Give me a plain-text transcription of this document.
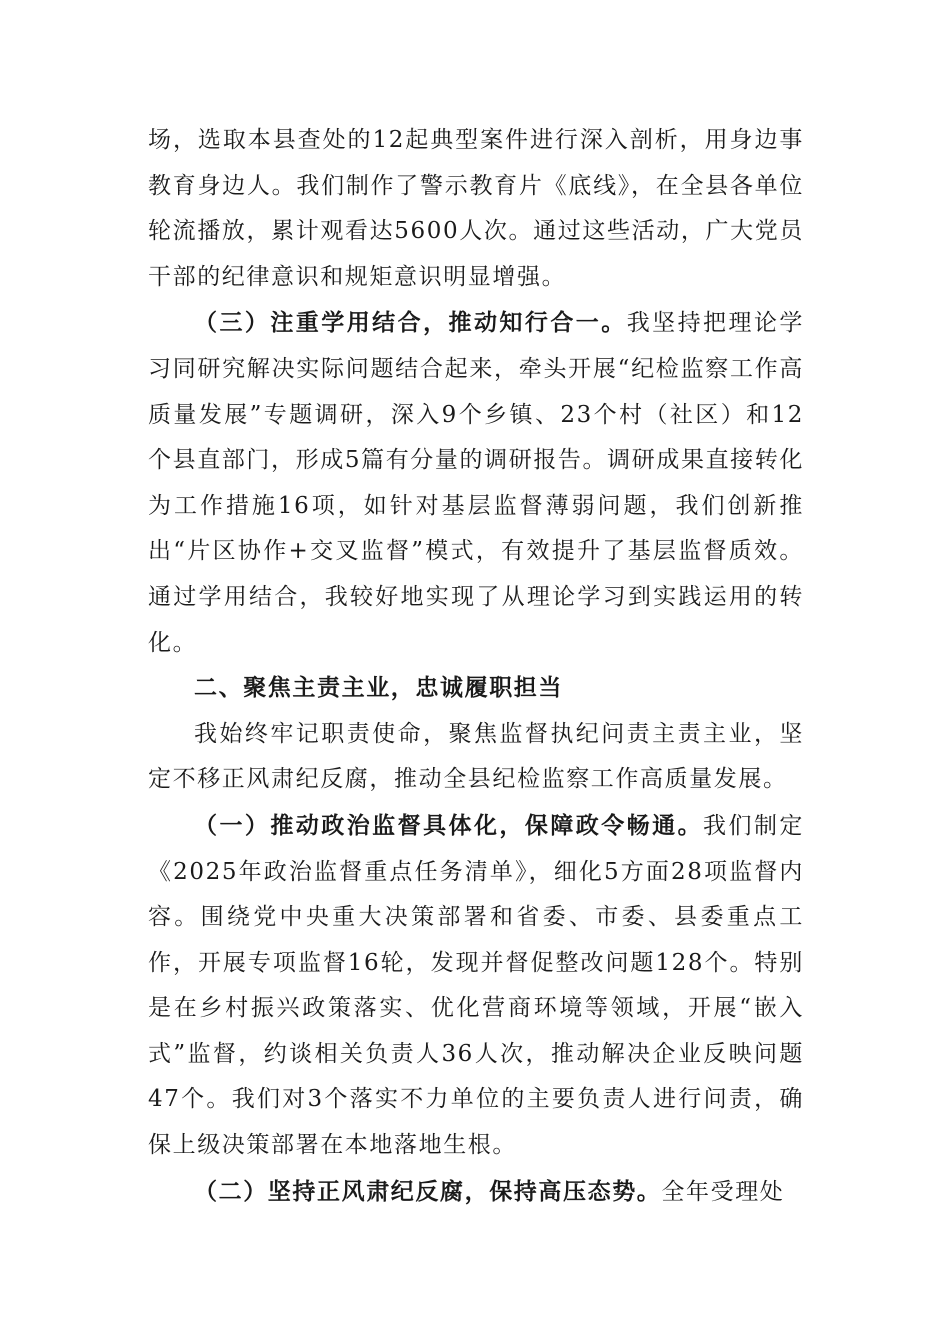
场，选取本县查处的12起典型案件进行深入剖析，用身边事教育身边人。我们制作了警示教育片《底线》，在全县各单位轮流播放，累计观看达5600人次。通过这些活动，广大党员干部的纪律意识和规矩意识明显增强。

（三）注重学用结合，推动知行合一。我坚持把理论学习同研究解决实际问题结合起来，牵头开展“纪检监察工作高质量发展”专题调研，深入9个乡镇、23个村（社区）和12个县直部门，形成5篇有分量的调研报告。调研成果直接转化为工作措施16项，如针对基层监督薄弱问题，我们创新推出“片区协作+交叉监督”模式，有效提升了基层监督质效。通过学用结合，我较好地实现了从理论学习到实践运用的转化。

二、聚焦主责主业，忠诚履职担当

我始终牢记职责使命，聚焦监督执纪问责主责主业，坚定不移正风肃纪反腐，推动全县纪检监察工作高质量发展。

（一）推动政治监督具体化，保障政令畅通。我们制定《2025年政治监督重点任务清单》，细化5方面28项监督内容。围绕党中央重大决策部署和省委、市委、县委重点工作，开展专项监督16轮，发现并督促整改问题128个。特别是在乡村振兴政策落实、优化营商环境等领域，开展“嵌入式”监督，约谈相关负责人36人次，推动解决企业反映问题47个。我们对3个落实不力单位的主要负责人进行问责，确保上级决策部署在本地落地生根。

（二）坚持正风肃纪反腐，保持高压态势。全年受理处
